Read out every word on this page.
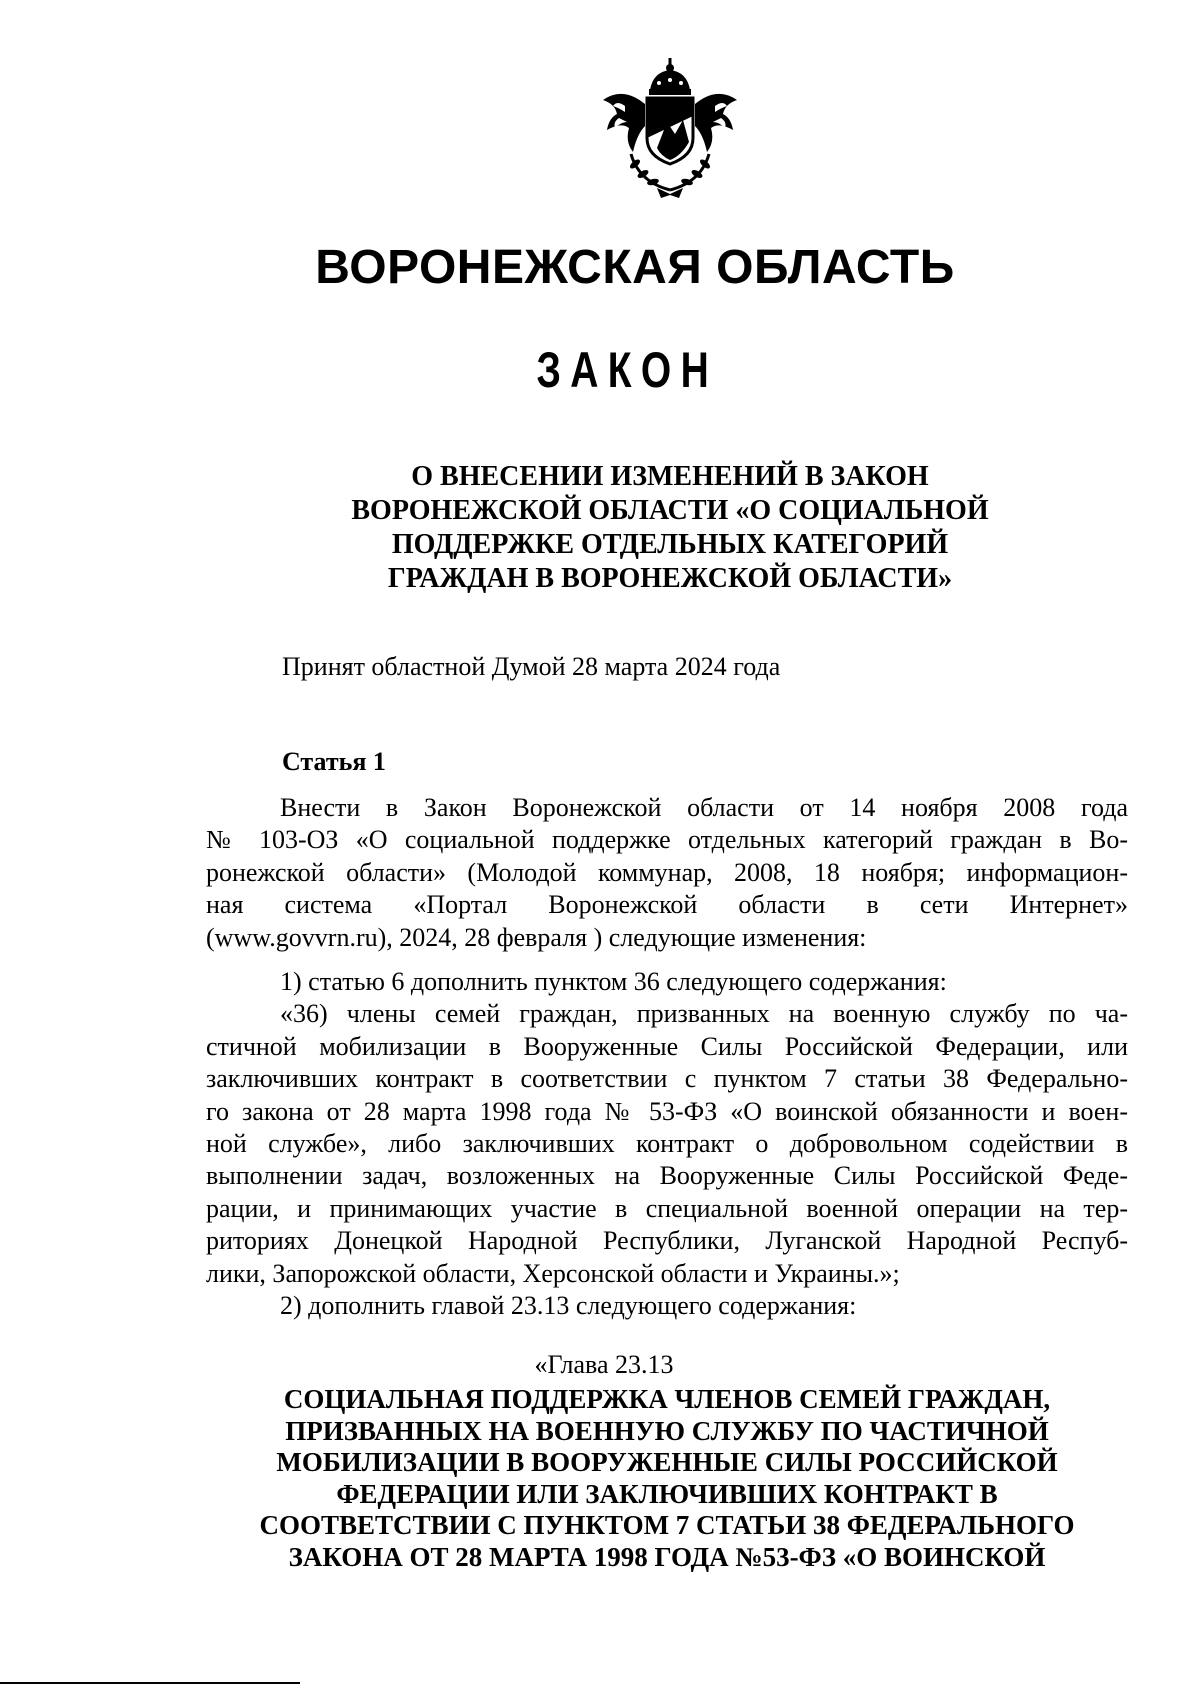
ВОРОНЕЖСКАЯ ОБЛАСТЬ
ЗАКОН
О ВНЕСЕНИИ ИЗМЕНЕНИЙ В ЗАКОН
ВОРОНЕЖСКОЙ ОБЛАСТИ «О СОЦИАЛЬНОЙ
ПОДДЕРЖКЕ ОТДЕЛЬНЫХ КАТЕГОРИЙ
ГРАЖДАН В ВОРОНЕЖСКОЙ ОБЛАСТИ»
Принят областной Думой 28 марта 2024 года
Статья 1
Внести в Закон Воронежской области от 14 ноября 2008 года
№ 103-ОЗ «О социальной поддержке отдельных категорий граждан в Во-
ронежской области» (Молодой коммунар, 2008, 18 ноября; информацион-
ная система «Портал Воронежской области в сети Интернет»
(www.govvrn.ru), 2024, 28 февраля ) следующие изменения:
1) статью 6 дополнить пунктом 36 следующего содержания:
«36) члены семей граждан, призванных на военную службу по ча-
стичной мобилизации в Вооруженные Силы Российской Федерации, или
заключивших контракт в соответствии с пунктом 7 статьи 38 Федерально-
го закона от 28 марта 1998 года № 53-ФЗ «О воинской обязанности и воен-
ной службе», либо заключивших контракт о добровольном содействии в
выполнении задач, возложенных на Вооруженные Силы Российской Феде-
рации, и принимающих участие в специальной военной операции на тер-
риториях Донецкой Народной Республики, Луганской Народной Респуб-
лики, Запорожской области, Херсонской области и Украины.»;
2) дополнить главой 23.13 следующего содержания:
«Глава 23.13
СОЦИАЛЬНАЯ ПОДДЕРЖКА ЧЛЕНОВ СЕМЕЙ ГРАЖДАН,
ПРИЗВАННЫХ НА ВОЕННУЮ СЛУЖБУ ПО ЧАСТИЧНОЙ
МОБИЛИЗАЦИИ В ВООРУЖЕННЫЕ СИЛЫ РОССИЙСКОЙ
ФЕДЕРАЦИИ ИЛИ ЗАКЛЮЧИВШИХ КОНТРАКТ В
СООТВЕТСТВИИ С ПУНКТОМ 7 СТАТЬИ 38 ФЕДЕРАЛЬНОГО
ЗАКОНА ОТ 28 МАРТА 1998 ГОДА №53-ФЗ «О ВОИНСКОЙ
